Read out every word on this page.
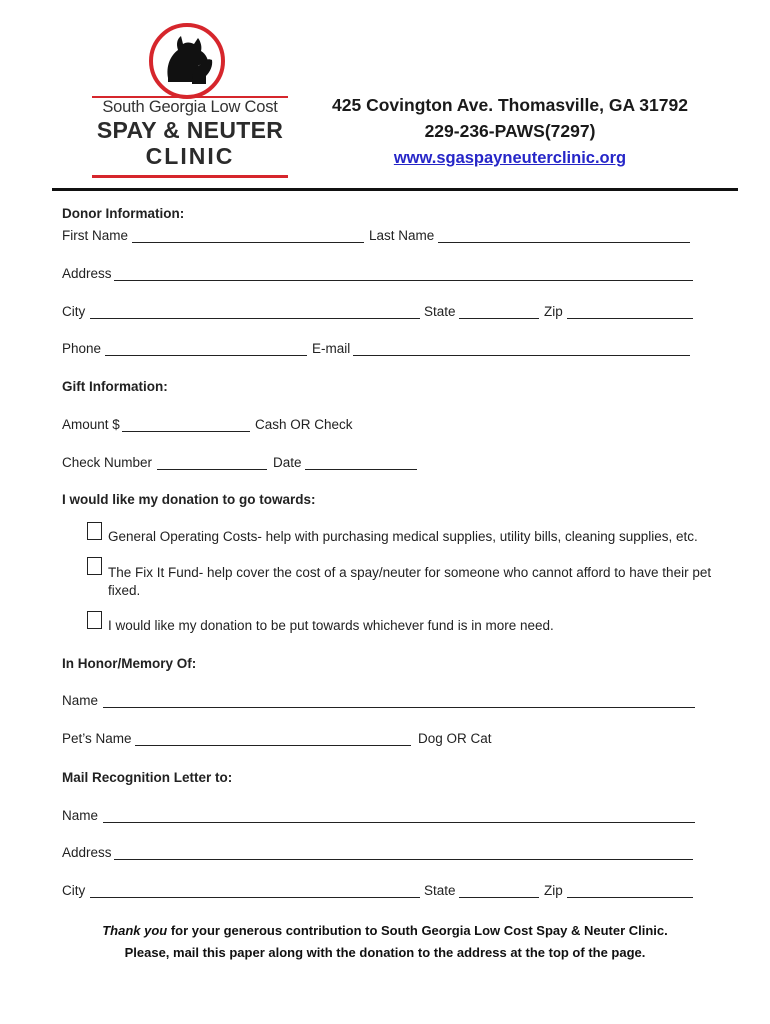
South Georgia Low Cost
SPAY & NEUTER
CLINIC
425 Covington Ave. Thomasville, GA 31792
229-236-PAWS(7297)
www.sgaspayneuterclinic.org
Donor Information:
First Name	Last Name
Address
City	State	Zip
Phone	E-mail
Gift Information:
Amount $	Cash OR Check
Check Number	Date
I would like my donation to go towards:
General Operating Costs- help with purchasing medical supplies, utility bills, cleaning supplies, etc.
The Fix It Fund- help cover the cost of a spay/neuter for someone who cannot afford to have their pet fixed.
I would like my donation to be put towards whichever fund is in more need.
In Honor/Memory Of:
Name
Pet’s Name	Dog OR Cat
Mail Recognition Letter to:
Name
Address
City	State	Zip
Thank you for your generous contribution to South Georgia Low Cost Spay & Neuter Clinic.
Please, mail this paper along with the donation to the address at the top of the page.
